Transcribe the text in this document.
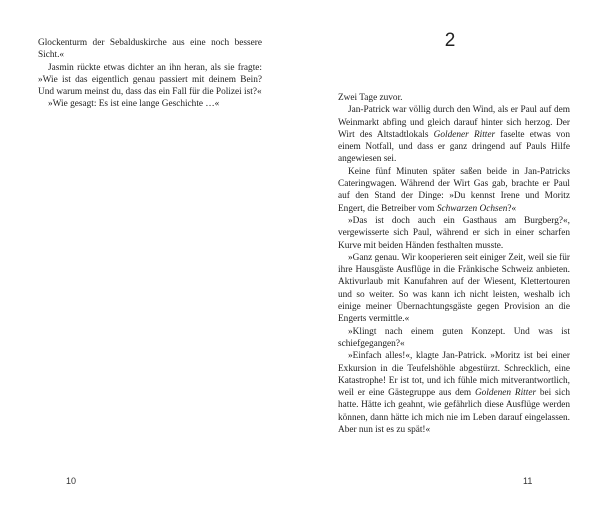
Glockenturm der Sebalduskirche aus eine noch bessere Sicht.«

Jasmin rückte etwas dichter an ihn heran, als sie fragte: »Wie ist das eigentlich genau passiert mit deinem Bein? Und warum meinst du, dass das ein Fall für die Polizei ist?«

»Wie gesagt: Es ist eine lange Geschichte …«

10
2

Zwei Tage zuvor.

Jan-Patrick war völlig durch den Wind, als er Paul auf dem Weinmarkt abfing und gleich darauf hinter sich herzog. Der Wirt des Altstadtlokals Goldener Ritter faselte etwas von einem Notfall, und dass er ganz dringend auf Pauls Hilfe angewiesen sei.

Keine fünf Minuten später saßen beide in Jan-Patricks Cateringwagen. Während der Wirt Gas gab, brachte er Paul auf den Stand der Dinge: »Du kennst Irene und Moritz Engert, die Betreiber vom Schwarzen Ochsen?«

»Das ist doch auch ein Gasthaus am Burgberg?«, vergewisserte sich Paul, während er sich in einer scharfen Kurve mit beiden Händen festhalten musste.

»Ganz genau. Wir kooperieren seit einiger Zeit, weil sie für ihre Hausgäste Ausflüge in die Fränkische Schweiz anbieten. Aktivurlaub mit Kanufahren auf der Wiesent, Klettertouren und so weiter. So was kann ich nicht leisten, weshalb ich einige meiner Übernachtungsgäste gegen Provision an die Engerts vermittle.«

»Klingt nach einem guten Konzept. Und was ist schiefgegangen?«

»Einfach alles!«, klagte Jan-Patrick. »Moritz ist bei einer Exkursion in die Teufelshöhle abgestürzt. Schrecklich, eine Katastrophe! Er ist tot, und ich fühle mich mitverantwortlich, weil er eine Gästegruppe aus dem Goldenen Ritter bei sich hatte. Hätte ich geahnt, wie gefährlich diese Ausflüge werden können, dann hätte ich mich nie im Leben darauf eingelassen. Aber nun ist es zu spät!«

11
